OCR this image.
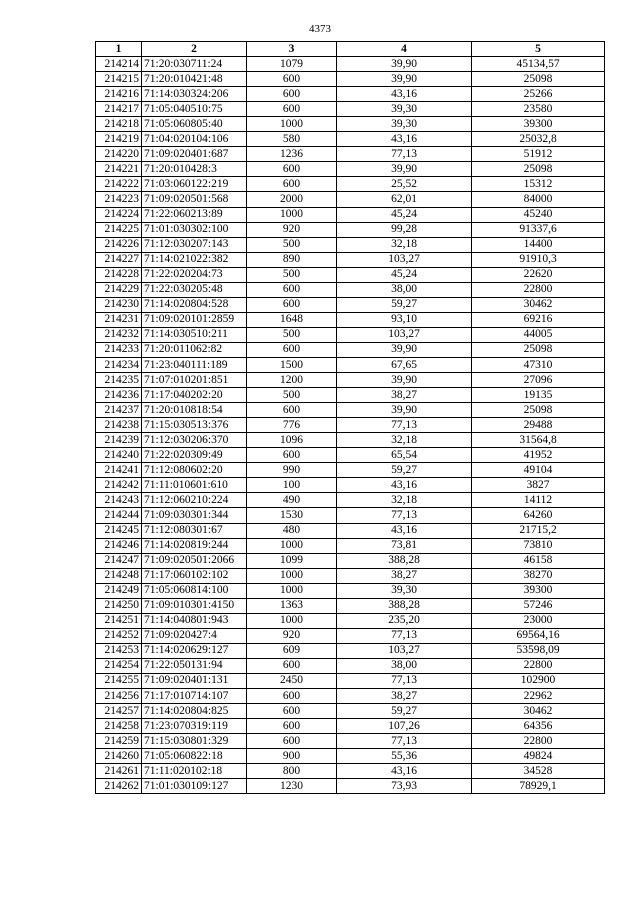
4373
1	2	3	4	5
214214	71:20:030711:24	1079	39,90	45134,57
214215	71:20:010421:48	600	39,90	25098
214216	71:14:030324:206	600	43,16	25266
214217	71:05:040510:75	600	39,30	23580
214218	71:05:060805:40	1000	39,30	39300
214219	71:04:020104:106	580	43,16	25032,8
214220	71:09:020401:687	1236	77,13	51912
214221	71:20:010428:3	600	39,90	25098
214222	71:03:060122:219	600	25,52	15312
214223	71:09:020501:568	2000	62,01	84000
214224	71:22:060213:89	1000	45,24	45240
214225	71:01:030302:100	920	99,28	91337,6
214226	71:12:030207:143	500	32,18	14400
214227	71:14:021022:382	890	103,27	91910,3
214228	71:22:020204:73	500	45,24	22620
214229	71:22:030205:48	600	38,00	22800
214230	71:14:020804:528	600	59,27	30462
214231	71:09:020101:2859	1648	93,10	69216
214232	71:14:030510:211	500	103,27	44005
214233	71:20:011062:82	600	39,90	25098
214234	71:23:040111:189	1500	67,65	47310
214235	71:07:010201:851	1200	39,90	27096
214236	71:17:040202:20	500	38,27	19135
214237	71:20:010818:54	600	39,90	25098
214238	71:15:030513:376	776	77,13	29488
214239	71:12:030206:370	1096	32,18	31564,8
214240	71:22:020309:49	600	65,54	41952
214241	71:12:080602:20	990	59,27	49104
214242	71:11:010601:610	100	43,16	3827
214243	71:12:060210:224	490	32,18	14112
214244	71:09:030301:344	1530	77,13	64260
214245	71:12:080301:67	480	43,16	21715,2
214246	71:14:020819:244	1000	73,81	73810
214247	71:09:020501:2066	1099	388,28	46158
214248	71:17:060102:102	1000	38,27	38270
214249	71:05:060814:100	1000	39,30	39300
214250	71:09:010301:4150	1363	388,28	57246
214251	71:14:040801:943	1000	235,20	23000
214252	71:09:020427:4	920	77,13	69564,16
214253	71:14:020629:127	609	103,27	53598,09
214254	71:22:050131:94	600	38,00	22800
214255	71:09:020401:131	2450	77,13	102900
214256	71:17:010714:107	600	38,27	22962
214257	71:14:020804:825	600	59,27	30462
214258	71:23:070319:119	600	107,26	64356
214259	71:15:030801:329	600	77,13	22800
214260	71:05:060822:18	900	55,36	49824
214261	71:11:020102:18	800	43,16	34528
214262	71:01:030109:127	1230	73,93	78929,1
